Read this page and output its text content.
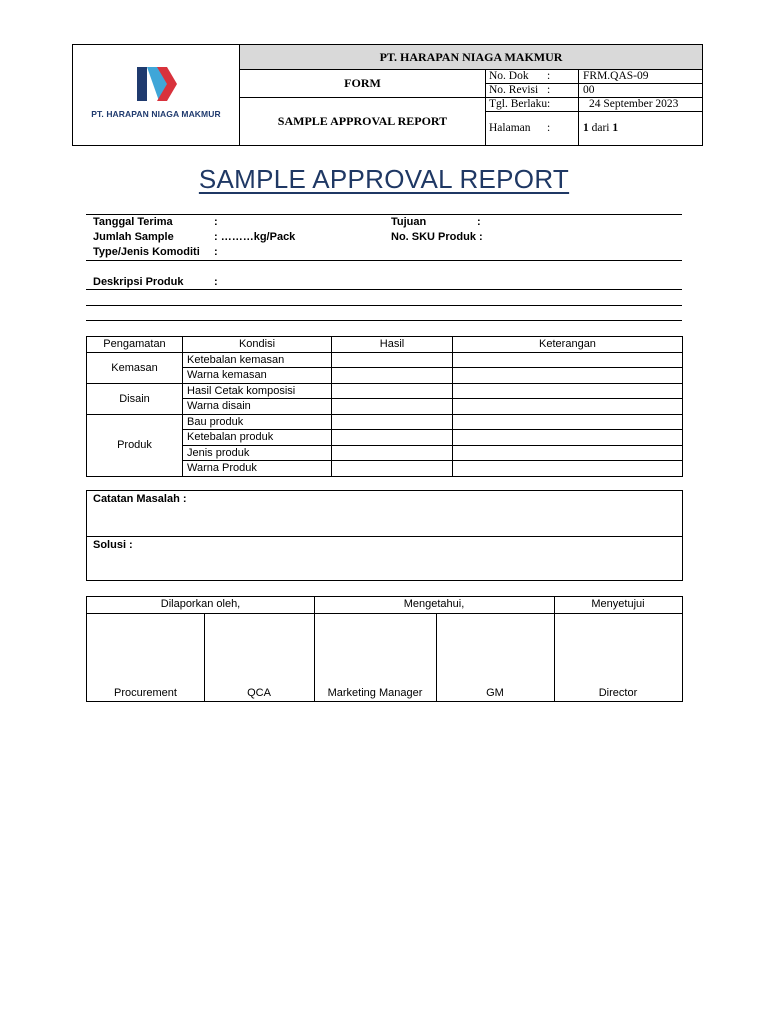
PT. HARAPAN NIAGA MAKMUR
PT. HARAPAN NIAGA MAKMUR
FORM
SAMPLE APPROVAL REPORT
No. Dok :	FRM.QAS-09
No. Revisi :	00
Tgl. Berlaku :	24 September 2023
Halaman :	1 dari 1
SAMPLE APPROVAL REPORT
Tanggal Terima	:	Tujuan	:
Jumlah Sample	: ………kg/Pack	No. SKU Produk :
Type/Jenis Komoditi :
Deskripsi Produk	:
Pengamatan	Kondisi	Hasil	Keterangan
Kemasan	Ketebalan kemasan		
	Warna kemasan		
Disain	Hasil Cetak komposisi		
	Warna disain		
Produk	Bau produk		
	Ketebalan produk		
	Jenis produk		
	Warna Produk		
Catatan Masalah :
Solusi :
Dilaporkan oleh,	Mengetahui,	Menyetujui
Procurement	QCA	Marketing Manager	GM	Director
